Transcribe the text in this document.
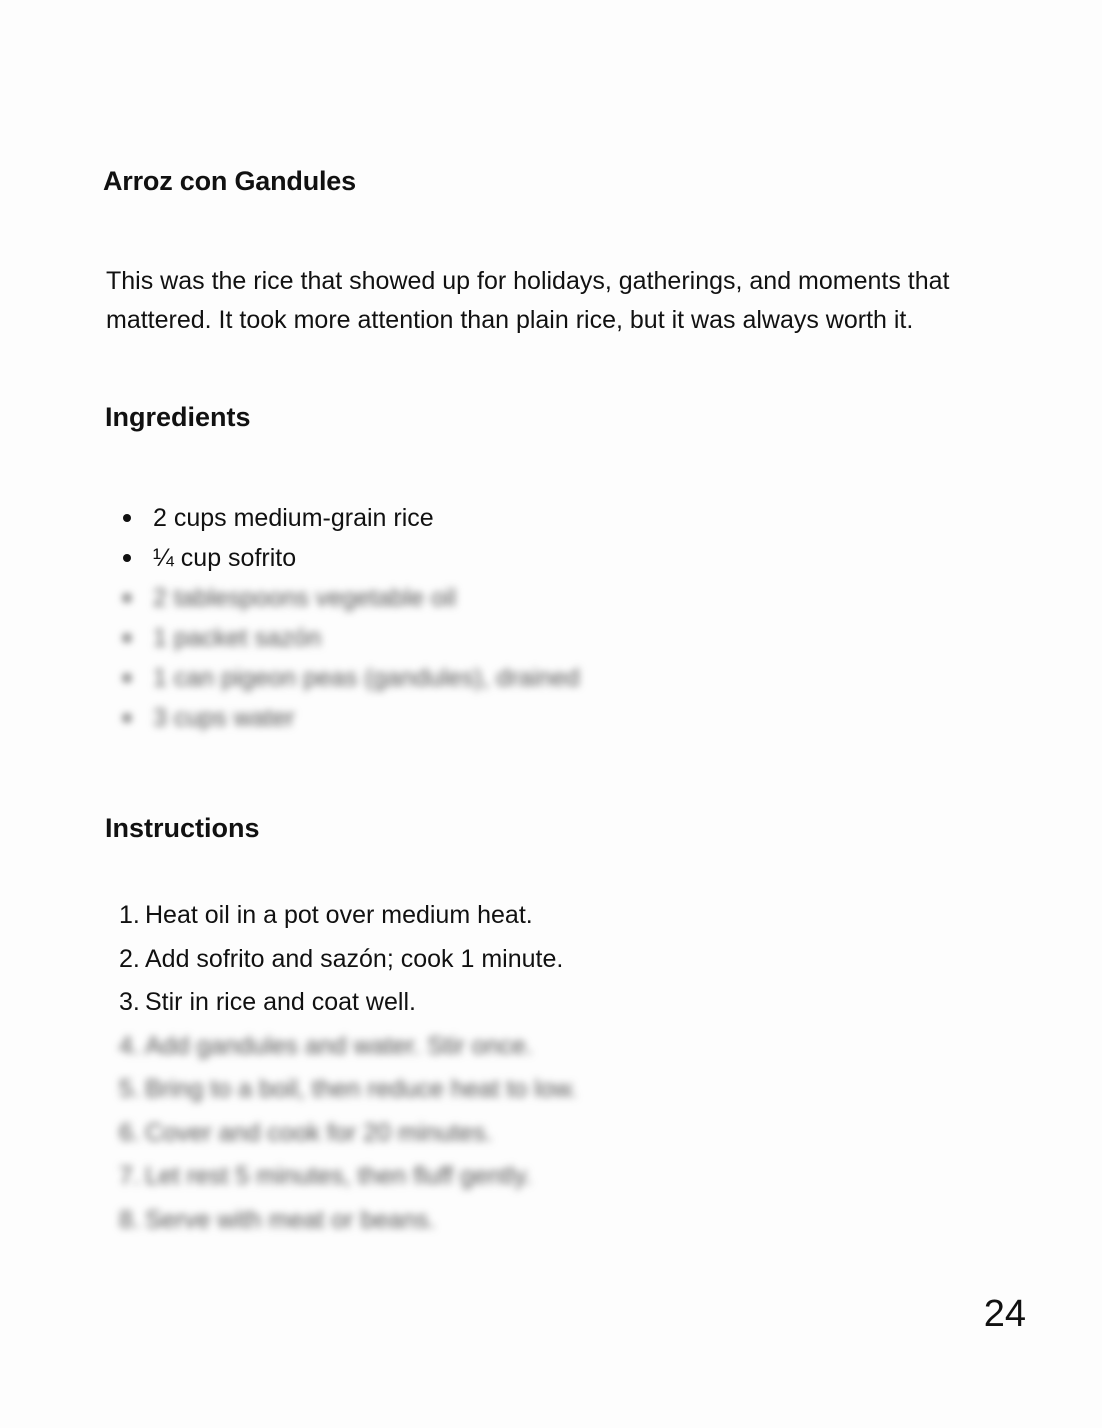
Arroz con Gandules

This was the rice that showed up for holidays, gatherings, and moments that mattered. It took more attention than plain rice, but it was always worth it.

Ingredients
2 cups medium-grain rice
¼ cup sofrito
2 tablespoons vegetable oil
1 packet sazón
1 can pigeon peas (gandules), drained
3 cups water
Instructions
1. Heat oil in a pot over medium heat.
2. Add sofrito and sazón; cook 1 minute.
3. Stir in rice and coat well.
4. Add gandules and water. Stir once.
5. Bring to a boil, then reduce heat to low.
6. Cover and cook for 20 minutes.
7. Let rest 5 minutes, then fluff gently.
8. Serve with meat or beans.

24
